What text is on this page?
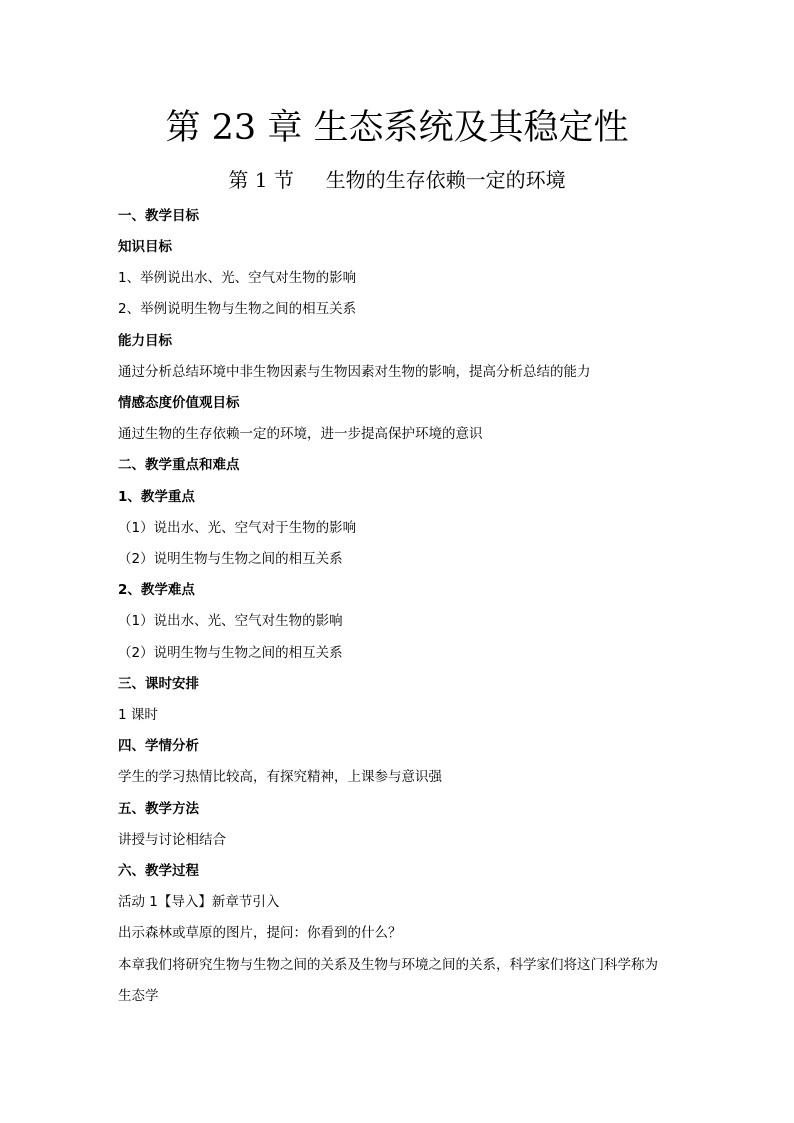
第 23 章 生态系统及其稳定性
第 1 节     生物的生存依赖一定的环境
一、教学目标
知识目标
1、举例说出水、光、空气对生物的影响
2、举例说明生物与生物之间的相互关系
能力目标
通过分析总结环境中非生物因素与生物因素对生物的影响，提高分析总结的能力
情感态度价值观目标
通过生物的生存依赖一定的环境，进一步提高保护环境的意识
二、教学重点和难点
1、教学重点
（1）说出水、光、空气对于生物的影响
（2）说明生物与生物之间的相互关系
2、教学难点
（1）说出水、光、空气对生物的影响
（2）说明生物与生物之间的相互关系
三、课时安排
1 课时
四、学情分析
学生的学习热情比较高，有探究精神，上课参与意识强
五、教学方法
讲授与讨论相结合
六、教学过程
活动 1【导入】新章节引入
出示森林或草原的图片，提问：你看到的什么？
本章我们将研究生物与生物之间的关系及生物与环境之间的关系，科学家们将这门科学称为
生态学
